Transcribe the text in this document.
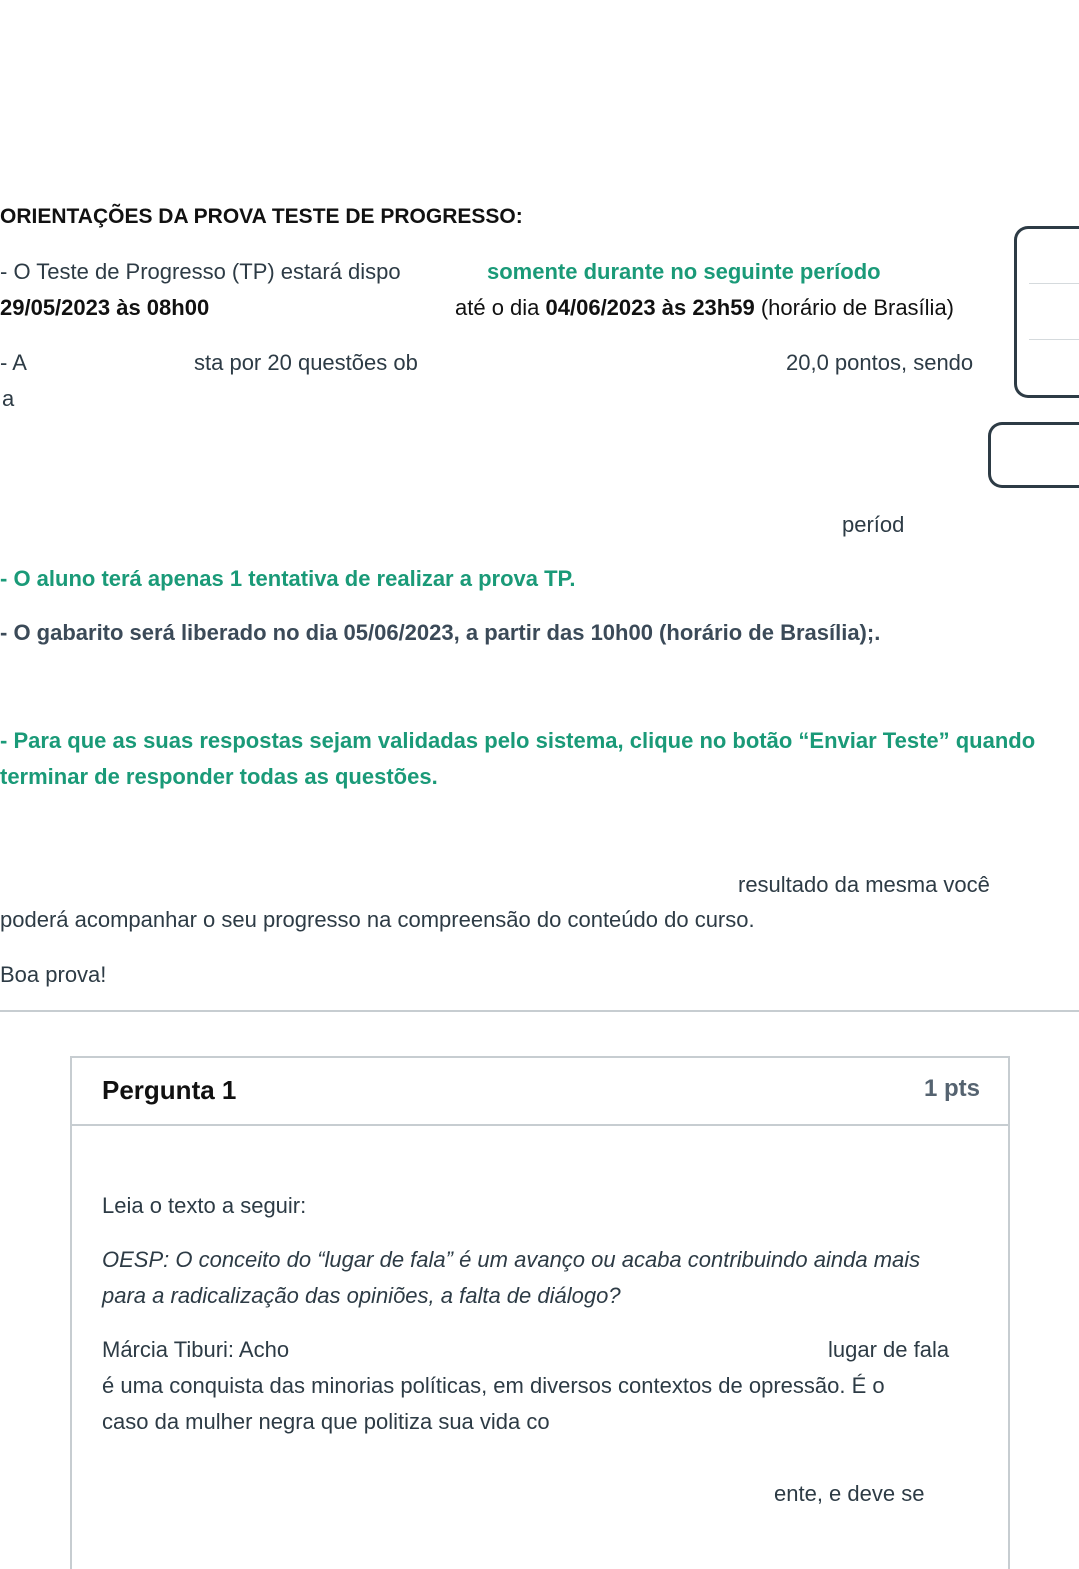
ORIENTAÇÕES DA PROVA TESTE DE PROGRESSO:
- O Teste de Progresso (TP) estará dispo	somente durante no seguinte período
29/05/2023 às 08h00	até o dia 04/06/2023 às 23h59 (horário de Brasília)
- A	sta por 20 questões ob	20,0 pontos, sendo
a
períod
- O aluno terá apenas 1 tentativa de realizar a prova TP.
- O gabarito será liberado no dia 05/06/2023, a partir das 10h00 (horário de Brasília);.
- Para que as suas respostas sejam validadas pelo sistema, clique no botão “Enviar Teste” quando
terminar de responder todas as questões.
resultado da mesma você
poderá acompanhar o seu progresso na compreensão do conteúdo do curso.
Boa prova!
Pergunta 1	1 pts
Leia o texto a seguir:
OESP: O conceito do “lugar de fala” é um avanço ou acaba contribuindo ainda mais
para a radicalização das opiniões, a falta de diálogo?
Márcia Tiburi: Acho	lugar de fala
é uma conquista das minorias políticas, em diversos contextos de opressão. É o
caso da mulher negra que politiza sua vida co
ente, e deve se
